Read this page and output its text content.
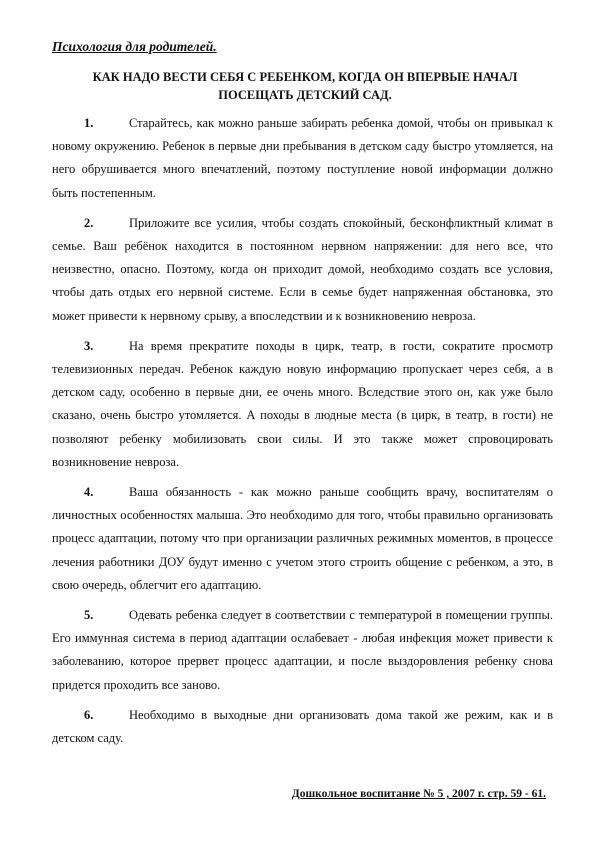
Психология для родителей.
КАК НАДО ВЕСТИ СЕБЯ С РЕБЕНКОМ, КОГДА ОН ВПЕРВЫЕ НАЧАЛ ПОСЕЩАТЬ ДЕТСКИЙ САД.

1.	Старайтесь, как можно раньше забирать ребенка домой, чтобы он привыкал к новому окружению. Ребенок в первые дни пребывания в детском саду быстро утомляется, на него обрушивается много впечатлений, поэтому поступление новой информации должно быть постепенным.

2.	Приложите все усилия, чтобы создать спокойный, бесконфликтный климат в семье. Ваш ребёнок находится в постоянном нервном напряжении: для него все, что неизвестно, опасно. Поэтому, когда он приходит домой, необходимо создать все условия, чтобы дать отдых его нервной системе. Если в семье будет напряженная обстановка, это может привести к нервному срыву, а впоследствии и к возникновению невроза.

3.	На время прекратите походы в цирк, театр, в гости, сократите просмотр телевизионных передач. Ребенок каждую новую информацию пропускает через себя, а в детском саду, особенно в первые дни, ее очень много. Вследствие этого он, как уже было сказано, очень быстро утомляется. А походы в людные места (в цирк, в театр, в гости) не позволяют ребенку мобилизовать свои силы. И это также может спровоцировать возникновение невроза.

4.	Ваша обязанность - как можно раньше сообщить врачу, воспитателям о личностных особенностях малыша. Это необходимо для того, чтобы правильно организовать процесс адаптации, потому что при организации различных режимных моментов, в процессе лечения работники ДОУ будут именно с учетом этого строить общение с ребенком, а это, в свою очередь, облегчит его адаптацию.

5.	Одевать ребенка следует в соответствии с температурой в помещении группы. Его иммунная система в период адаптации ослабевает - любая инфекция может привести к заболеванию, которое прервет процесс адаптации, и после выздоровления ребенку снова придется проходить все заново.

6.	Необходимо в выходные дни организовать дома такой же режим, как и в детском саду.

Дошкольное воспитание № 5 , 2007 г. стр. 59 - 61.
